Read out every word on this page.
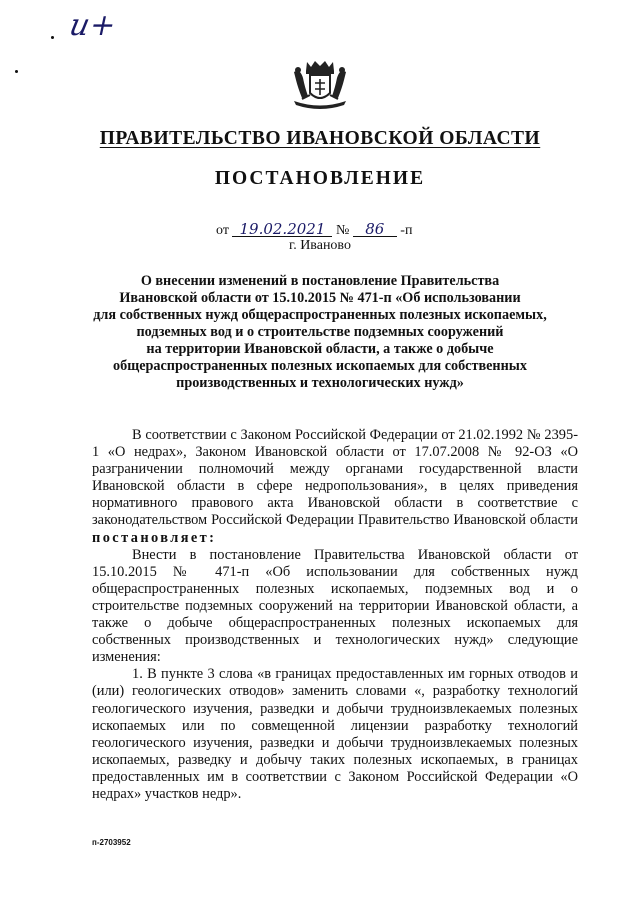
и+
ПРАВИТЕЛЬСТВО ИВАНОВСКОЙ ОБЛАСТИ
ПОСТАНОВЛЕНИЕ
от 19.02.2021 № 86 -п
г. Иваново
О внесении изменений в постановление Правительства
Ивановской области от 15.10.2015 № 471-п «Об использовании
для собственных нужд общераспространенных полезных ископаемых,
подземных вод и о строительстве подземных сооружений
на территории Ивановской области, а также о добыче
общераспространенных полезных ископаемых для собственных
производственных и технологических нужд»

В соответствии с Законом Российской Федерации от 21.02.1992 № 2395-1 «О недрах», Законом Ивановской области от 17.07.2008 № 92-ОЗ «О разграничении полномочий между органами государственной власти Ивановской области в сфере недропользования», в целях приведения нормативного правового акта Ивановской области в соответствие с законодательством Российской Федерации Правительство Ивановской области постановляет:

Внести в постановление Правительства Ивановской области от 15.10.2015 № 471-п «Об использовании для собственных нужд общераспространенных полезных ископаемых, подземных вод и о строительстве подземных сооружений на территории Ивановской области, а также о добыче общераспространенных полезных ископаемых для собственных производственных и технологических нужд» следующие изменения:

1. В пункте 3 слова «в границах предоставленных им горных отводов и (или) геологических отводов» заменить словами «, разработку технологий геологического изучения, разведки и добычи трудноизвлекаемых полезных ископаемых или по совмещенной лицензии разработку технологий геологического изучения, разведки и добычи трудноизвлекаемых полезных ископаемых, разведку и добычу таких полезных ископаемых, в границах предоставленных им в соответствии с Законом Российской Федерации «О недрах» участков недр».

п-2703952
